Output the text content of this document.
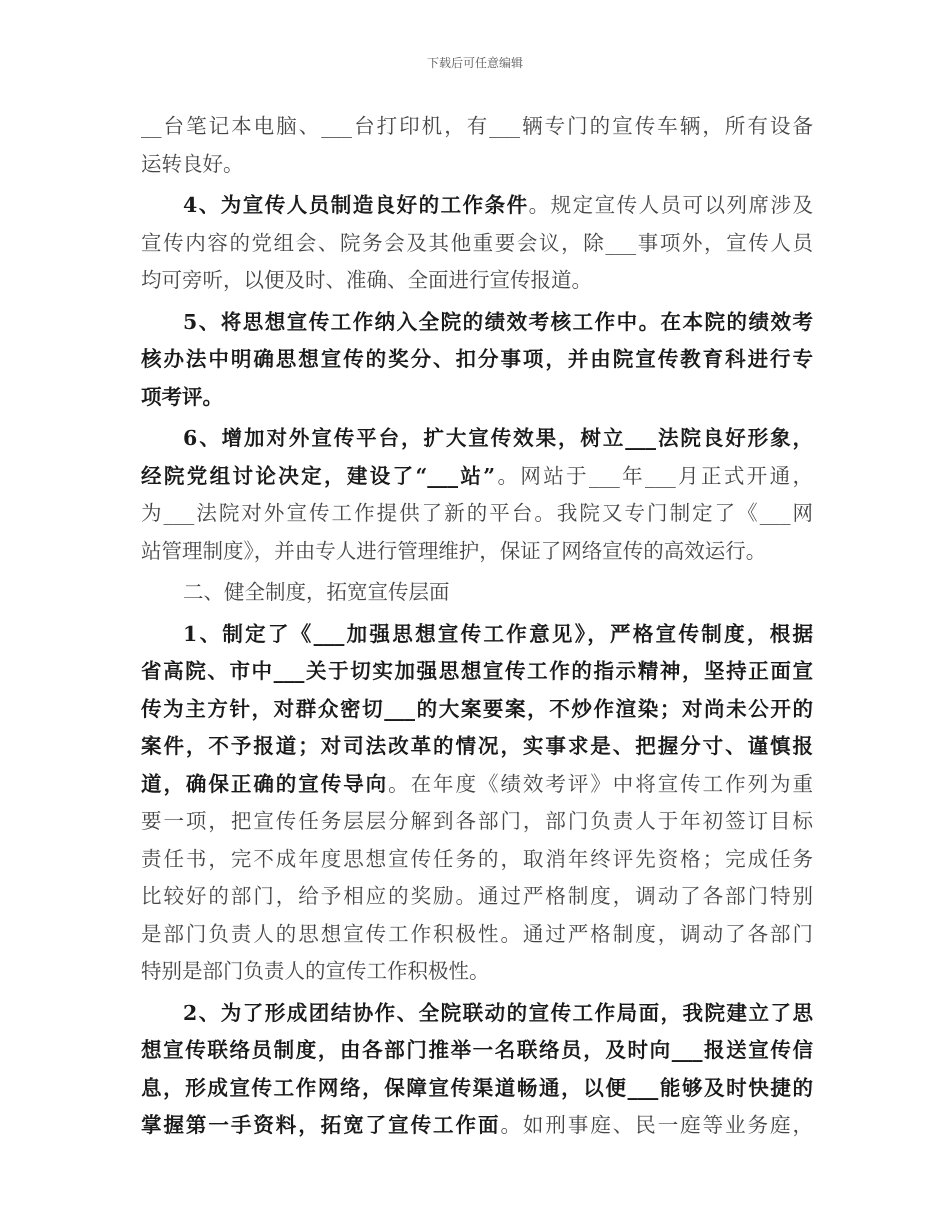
下载后可任意编辑
__台笔记本电脑、___台打印机，有___辆专门的宣传车辆，所有设备
运转良好。
4、为宣传人员制造良好的工作条件。规定宣传人员可以列席涉及
宣传内容的党组会、院务会及其他重要会议，除___事项外，宣传人员
均可旁听，以便及时、准确、全面进行宣传报道。
5、将思想宣传工作纳入全院的绩效考核工作中。在本院的绩效考
核办法中明确思想宣传的奖分、扣分事项，并由院宣传教育科进行专
项考评。
6、增加对外宣传平台，扩大宣传效果，树立___法院良好形象，
经院党组讨论决定，建设了“___站”。网站于___年___月正式开通，
为___法院对外宣传工作提供了新的平台。我院又专门制定了《___网
站管理制度》，并由专人进行管理维护，保证了网络宣传的高效运行。
二、健全制度，拓宽宣传层面
1、制定了《___加强思想宣传工作意见》，严格宣传制度，根据
省高院、市中___关于切实加强思想宣传工作的指示精神，坚持正面宣
传为主方针，对群众密切___的大案要案，不炒作渲染；对尚未公开的
案件，不予报道；对司法改革的情况，实事求是、把握分寸、谨慎报
道，确保正确的宣传导向。在年度《绩效考评》中将宣传工作列为重
要一项，把宣传任务层层分解到各部门，部门负责人于年初签订目标
责任书，完不成年度思想宣传任务的，取消年终评先资格；完成任务
比较好的部门，给予相应的奖励。通过严格制度，调动了各部门特别
是部门负责人的思想宣传工作积极性。通过严格制度，调动了各部门
特别是部门负责人的宣传工作积极性。
2、为了形成团结协作、全院联动的宣传工作局面，我院建立了思
想宣传联络员制度，由各部门推举一名联络员，及时向___报送宣传信
息，形成宣传工作网络，保障宣传渠道畅通，以便___能够及时快捷的
掌握第一手资料，拓宽了宣传工作面。如刑事庭、民一庭等业务庭，
